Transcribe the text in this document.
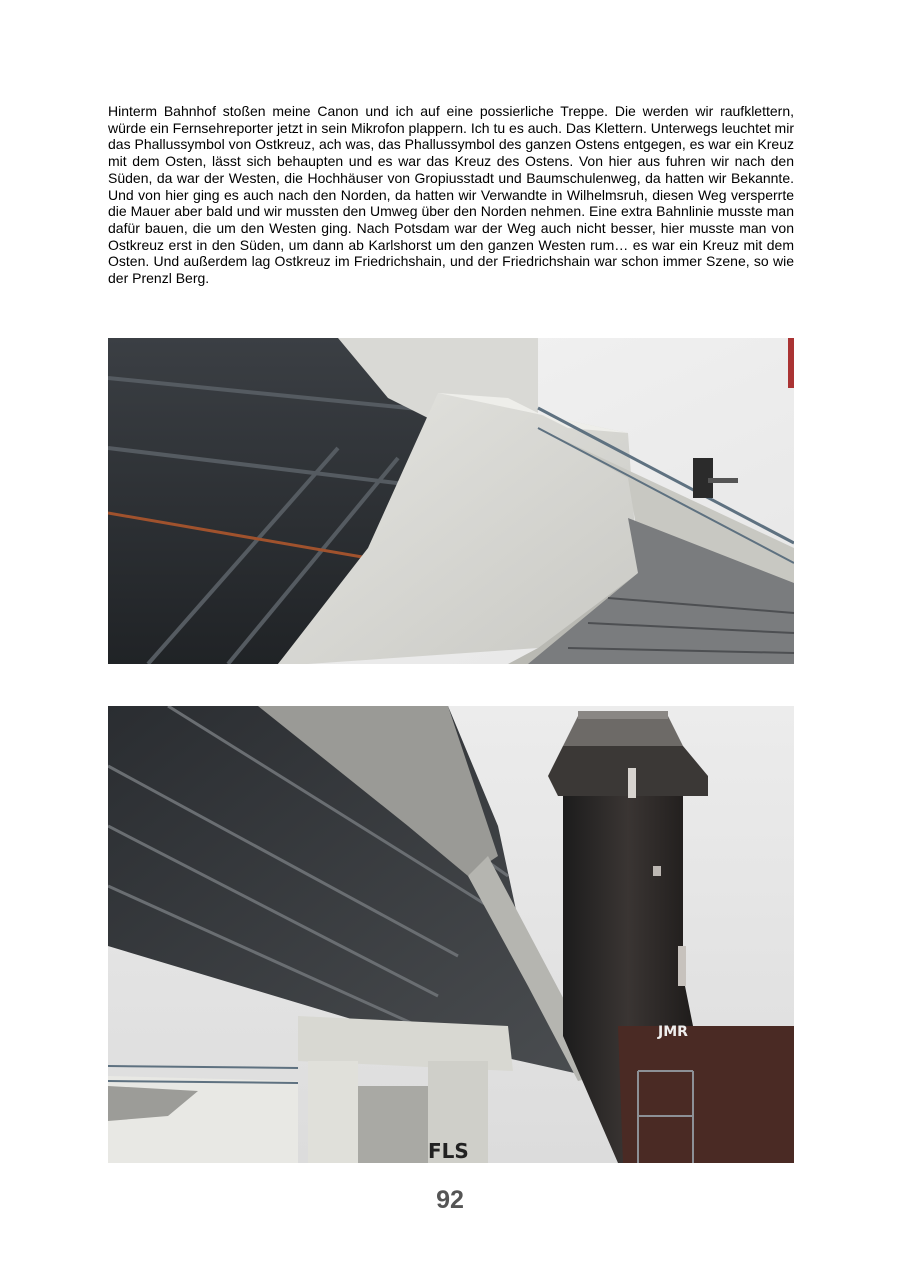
Hinterm Bahnhof stoßen meine Canon und ich auf eine possierliche Treppe. Die werden wir raufklettern, würde ein Fernsehreporter jetzt in sein Mikrofon plappern. Ich tu es auch. Das Klettern. Unterwegs leuchtet mir das Phallussymbol von Ostkreuz, ach was, das Phallussymbol des ganzen Ostens entgegen, es war ein Kreuz mit dem Osten, lässt sich behaupten und es war das Kreuz des Ostens. Von hier aus fuhren wir nach den Süden, da war der Westen, die Hochhäuser von Gropiusstadt und Baumschulenweg, da hatten wir Bekannte. Und von hier ging es auch nach den Norden, da hatten wir Verwandte in Wilhelmsruh, diesen Weg versperrte die Mauer aber bald und wir mussten den Umweg über den Norden nehmen. Eine extra Bahnlinie musste man dafür bauen, die um den Westen ging. Nach Potsdam war der Weg auch nicht besser, hier musste man von Ostkreuz erst in den Süden, um dann ab Karlshorst um den ganzen Westen rum… es war ein Kreuz mit dem Osten. Und außerdem lag Ostkreuz im Friedrichshain, und der Friedrichshain war schon immer Szene, so wie der Prenzl Berg.
FLS
JMR
92
